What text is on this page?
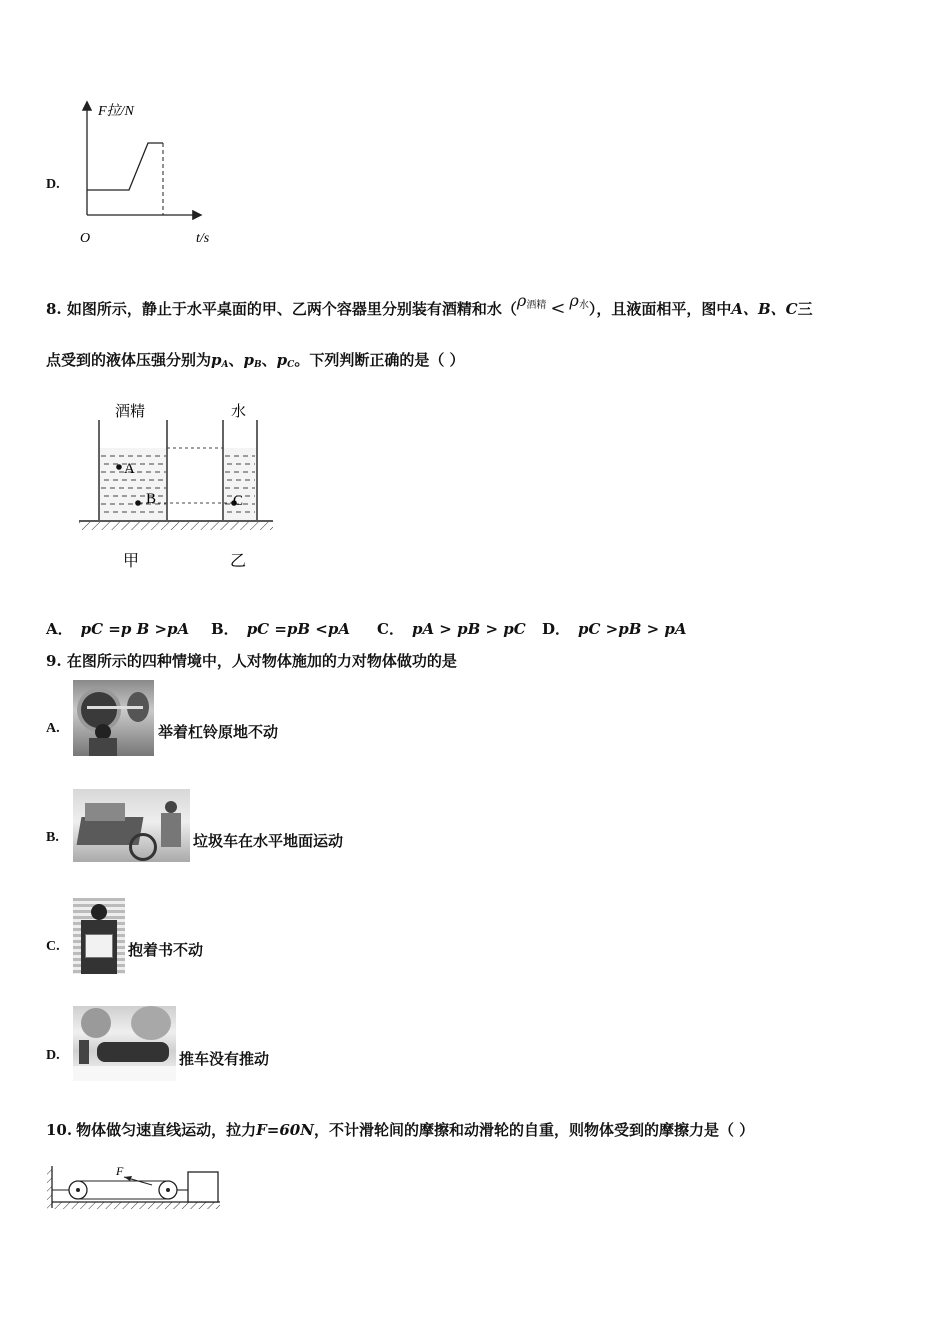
D.
F拉/N
O	t/s
8. 如图所示，静止于水平桌面的甲、乙两个容器里分别装有酒精和水$(\rho_{酒精} < \rho_水)$，且液面相平，图中A、B、C三
点受到的液体压强分别为$p_A$、$p_B$、$p_C$。下列判断正确的是（ ）
A
B	C
酒精	水
甲	乙
A． pC =p B >pA B． pC =pB <pA C． pA > pB > pC D． pC >pB > pA
9. 在图所示的四种情境中，人对物体施加的力对物体做功的是
A.	举着杠铃原地不动
B.	垃圾车在水平地面运动
C.	抱着书不动
D.	推车没有推动
10. 物体做匀速直线运动，拉力F=60N，不计滑轮间的摩擦和动滑轮的自重，则物体受到的摩擦力是（ ）
F
